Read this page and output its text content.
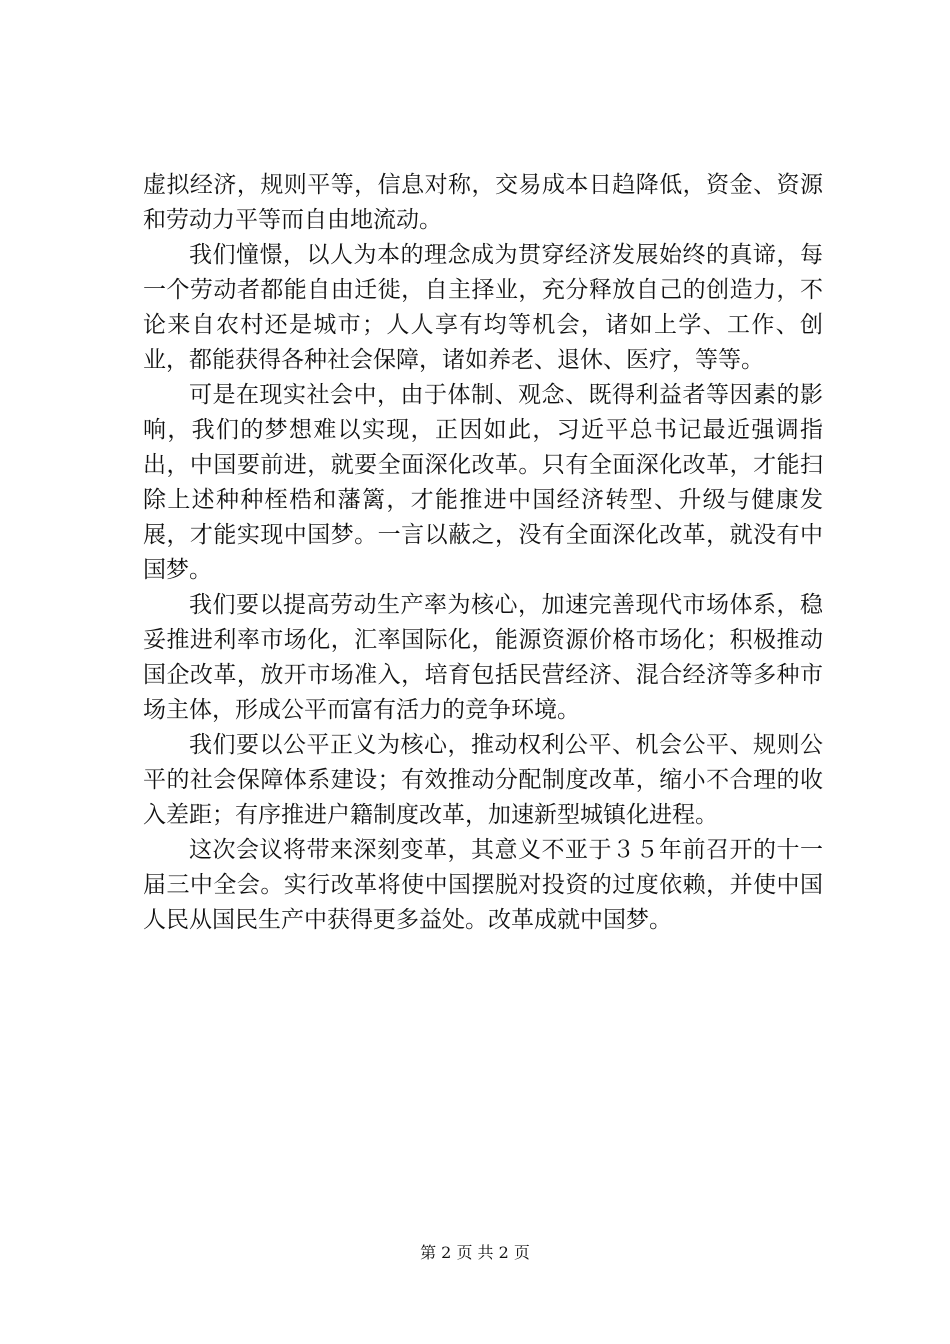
虚拟经济，规则平等，信息对称，交易成本日趋降低，资金、资源和劳动力平等而自由地流动。

我们憧憬，以人为本的理念成为贯穿经济发展始终的真谛，每一个劳动者都能自由迁徙，自主择业，充分释放自己的创造力，不论来自农村还是城市；人人享有均等机会，诸如上学、工作、创业，都能获得各种社会保障，诸如养老、退休、医疗，等等。

可是在现实社会中，由于体制、观念、既得利益者等因素的影响，我们的梦想难以实现，正因如此，习近平总书记最近强调指出，中国要前进，就要全面深化改革。只有全面深化改革，才能扫除上述种种桎梏和藩篱，才能推进中国经济转型、升级与健康发展，才能实现中国梦。一言以蔽之，没有全面深化改革，就没有中国梦。

我们要以提高劳动生产率为核心，加速完善现代市场体系，稳妥推进利率市场化，汇率国际化，能源资源价格市场化；积极推动国企改革，放开市场准入，培育包括民营经济、混合经济等多种市场主体，形成公平而富有活力的竞争环境。

我们要以公平正义为核心，推动权利公平、机会公平、规则公平的社会保障体系建设；有效推动分配制度改革，缩小不合理的收入差距；有序推进户籍制度改革，加速新型城镇化进程。

这次会议将带来深刻变革，其意义不亚于３５年前召开的十一届三中全会。实行改革将使中国摆脱对投资的过度依赖，并使中国人民从国民生产中获得更多益处。改革成就中国梦。

第 2 页 共 2 页
